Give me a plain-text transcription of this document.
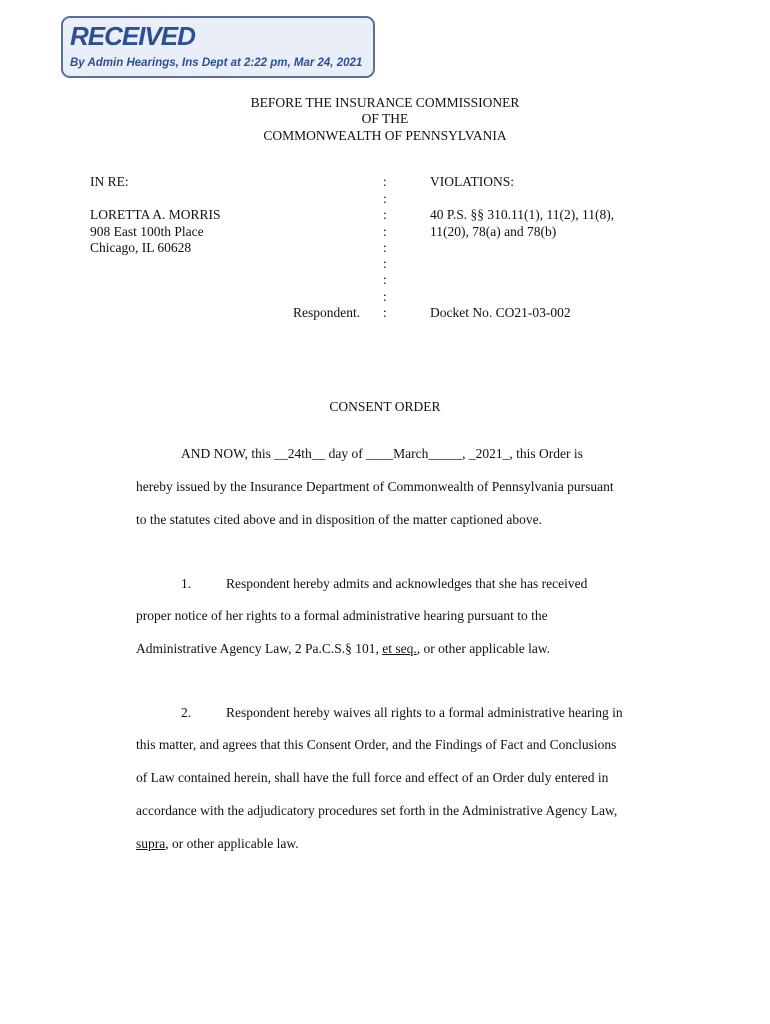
RECEIVED
By Admin Hearings, Ins Dept at 2:22 pm, Mar 24, 2021
BEFORE THE INSURANCE COMMISSIONER
OF THE
COMMONWEALTH OF PENNSYLVANIA
IN RE:
LORETTA A. MORRIS
908 East 100th Place
Chicago, IL 60628
Respondent.
:
:
:
:
:
:
:
:
:
VIOLATIONS:
40 P.S. §§ 310.11(1), 11(2), 11(8),
11(20), 78(a) and 78(b)
Docket No. CO21-03-002
CONSENT ORDER
AND NOW, this __24th__ day of ____March_____, _2021_, this Order is
hereby issued by the Insurance Department of Commonwealth of Pennsylvania pursuant
to the statutes cited above and in disposition of the matter captioned above.
1.	Respondent hereby admits and acknowledges that she has received
proper notice of her rights to a formal administrative hearing pursuant to the
Administrative Agency Law, 2 Pa.C.S.§ 101, et seq., or other applicable law.
2.	Respondent hereby waives all rights to a formal administrative hearing in
this matter, and agrees that this Consent Order, and the Findings of Fact and Conclusions
of Law contained herein, shall have the full force and effect of an Order duly entered in
accordance with the adjudicatory procedures set forth in the Administrative Agency Law,
supra, or other applicable law.
